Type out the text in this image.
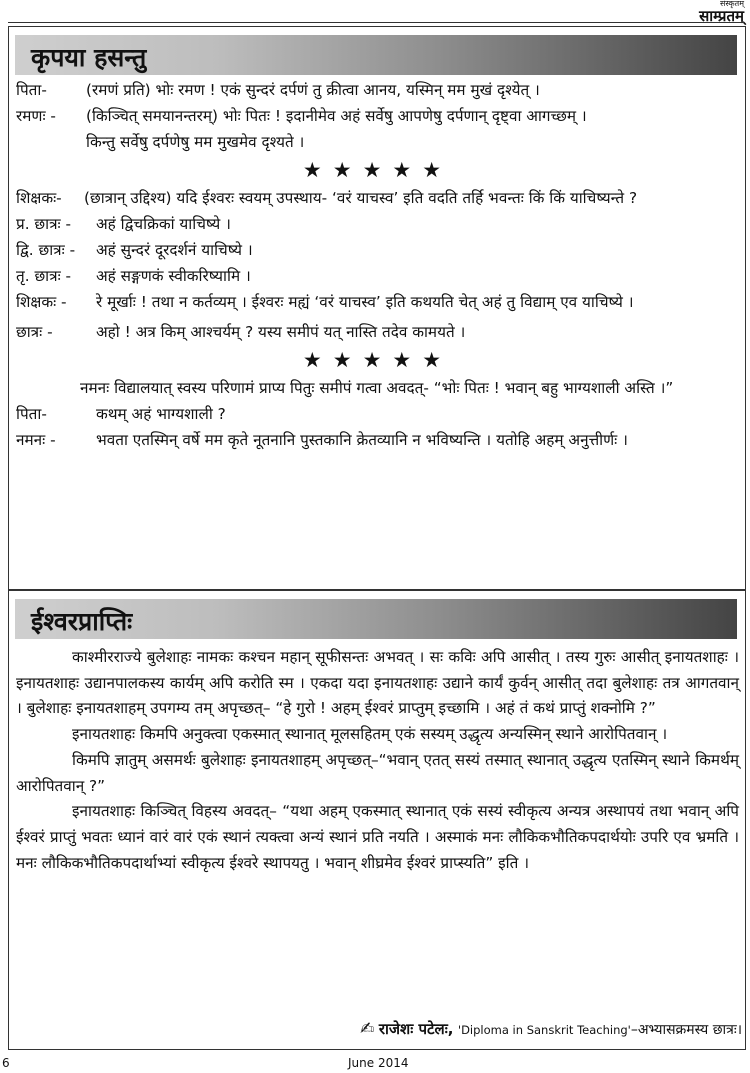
संस्कृतम्
साम्प्रतम्
कृपया हसन्तु
पिता-	(रमणं प्रति) भोः रमण ! एकं सुन्दरं दर्पणं तु क्रीत्वा आनय, यस्मिन् मम मुखं दृश्येत् ।
रमणः -	(किञ्चित् समयानन्तरम्) भोः पितः ! इदानीमेव अहं सर्वेषु आपणेषु दर्पणान् दृष्ट्वा आगच्छम् ।
किन्तु सर्वेषु दर्पणेषु मम मुखमेव दृश्यते ।
★★★★★
शिक्षकः-	(छात्रान् उद्दिश्य) यदि ईश्वरः स्वयम् उपस्थाय- ‘वरं याचस्व’ इति वदति तर्हि भवन्तः किं किं याचिष्यन्ते ?
प्र. छात्रः -	अहं द्विचक्रिकां याचिष्ये ।
द्वि. छात्रः -	अहं सुन्दरं दूरदर्शनं याचिष्ये ।
तृ. छात्रः -	अहं सङ्गणकं स्वीकरिष्यामि ।
शिक्षकः -	रे मूर्खाः ! तथा न कर्तव्यम् । ईश्वरः मह्यं ‘वरं याचस्व’ इति कथयति चेत् अहं तु विद्याम् एव याचिष्ये ।
छात्रः -	अहो ! अत्र किम् आश्चर्यम् ? यस्य समीपं यत् नास्ति तदेव कामयते ।
★★★★★

नमनः विद्यालयात् स्वस्य परिणामं प्राप्य पितुः समीपं गत्वा अवदत्- “भोः पितः ! भवान् बहु भाग्यशाली अस्ति ।”

पिता-	कथम् अहं भाग्यशाली ?
नमनः -	भवता एतस्मिन् वर्षे मम कृते नूतनानि पुस्तकानि क्रेतव्यानि न भविष्यन्ति । यतोहि अहम् अनुत्तीर्णः ।
ईश्वरप्राप्तिः

काश्मीरराज्ये बुलेशाहः नामकः कश्चन महान् सूफीसन्तः अभवत् । सः कविः अपि आसीत् । तस्य गुरुः आसीत् इनायतशाहः । इनायतशाहः उद्यानपालकस्य कार्यम् अपि करोति स्म । एकदा यदा इनायतशाहः उद्याने कार्यं कुर्वन् आसीत् तदा बुलेशाहः तत्र आगतवान् । बुलेशाहः इनायतशाहम् उपगम्य तम् अपृच्छत्– “हे गुरो ! अहम् ईश्वरं प्राप्तुम् इच्छामि । अहं तं कथं प्राप्तुं शक्नोमि ?”

इनायतशाहः किमपि अनुक्त्वा एकस्मात् स्थानात् मूलसहितम् एकं सस्यम् उद्धृत्य अन्यस्मिन् स्थाने आरोपितवान् ।

किमपि ज्ञातुम् असमर्थः बुलेशाहः इनायतशाहम् अपृच्छत्–“भवान् एतत् सस्यं तस्मात् स्थानात् उद्धृत्य एतस्मिन् स्थाने किमर्थम् आरोपितवान् ?”

इनायतशाहः किञ्चित् विहस्य अवदत्– “यथा अहम् एकस्मात् स्थानात् एकं सस्यं स्वीकृत्य अन्यत्र अस्थापयं तथा भवान् अपि ईश्वरं प्राप्तुं भवतः ध्यानं वारं वारं एकं स्थानं त्यक्त्वा अन्यं स्थानं प्रति नयति । अस्माकं मनः लौकिकभौतिकपदार्थयोः उपरि एव भ्रमति । मनः लौकिकभौतिकपदार्थाभ्यां स्वीकृत्य ईश्वरे स्थापयतु । भवान् शीघ्रमेव ईश्वरं प्राप्स्यति” इति ।

✍ राजेशः पटेलः, 'Diploma in Sanskrit Teaching'–अभ्यासक्रमस्य छात्रः।
6	June 2014
